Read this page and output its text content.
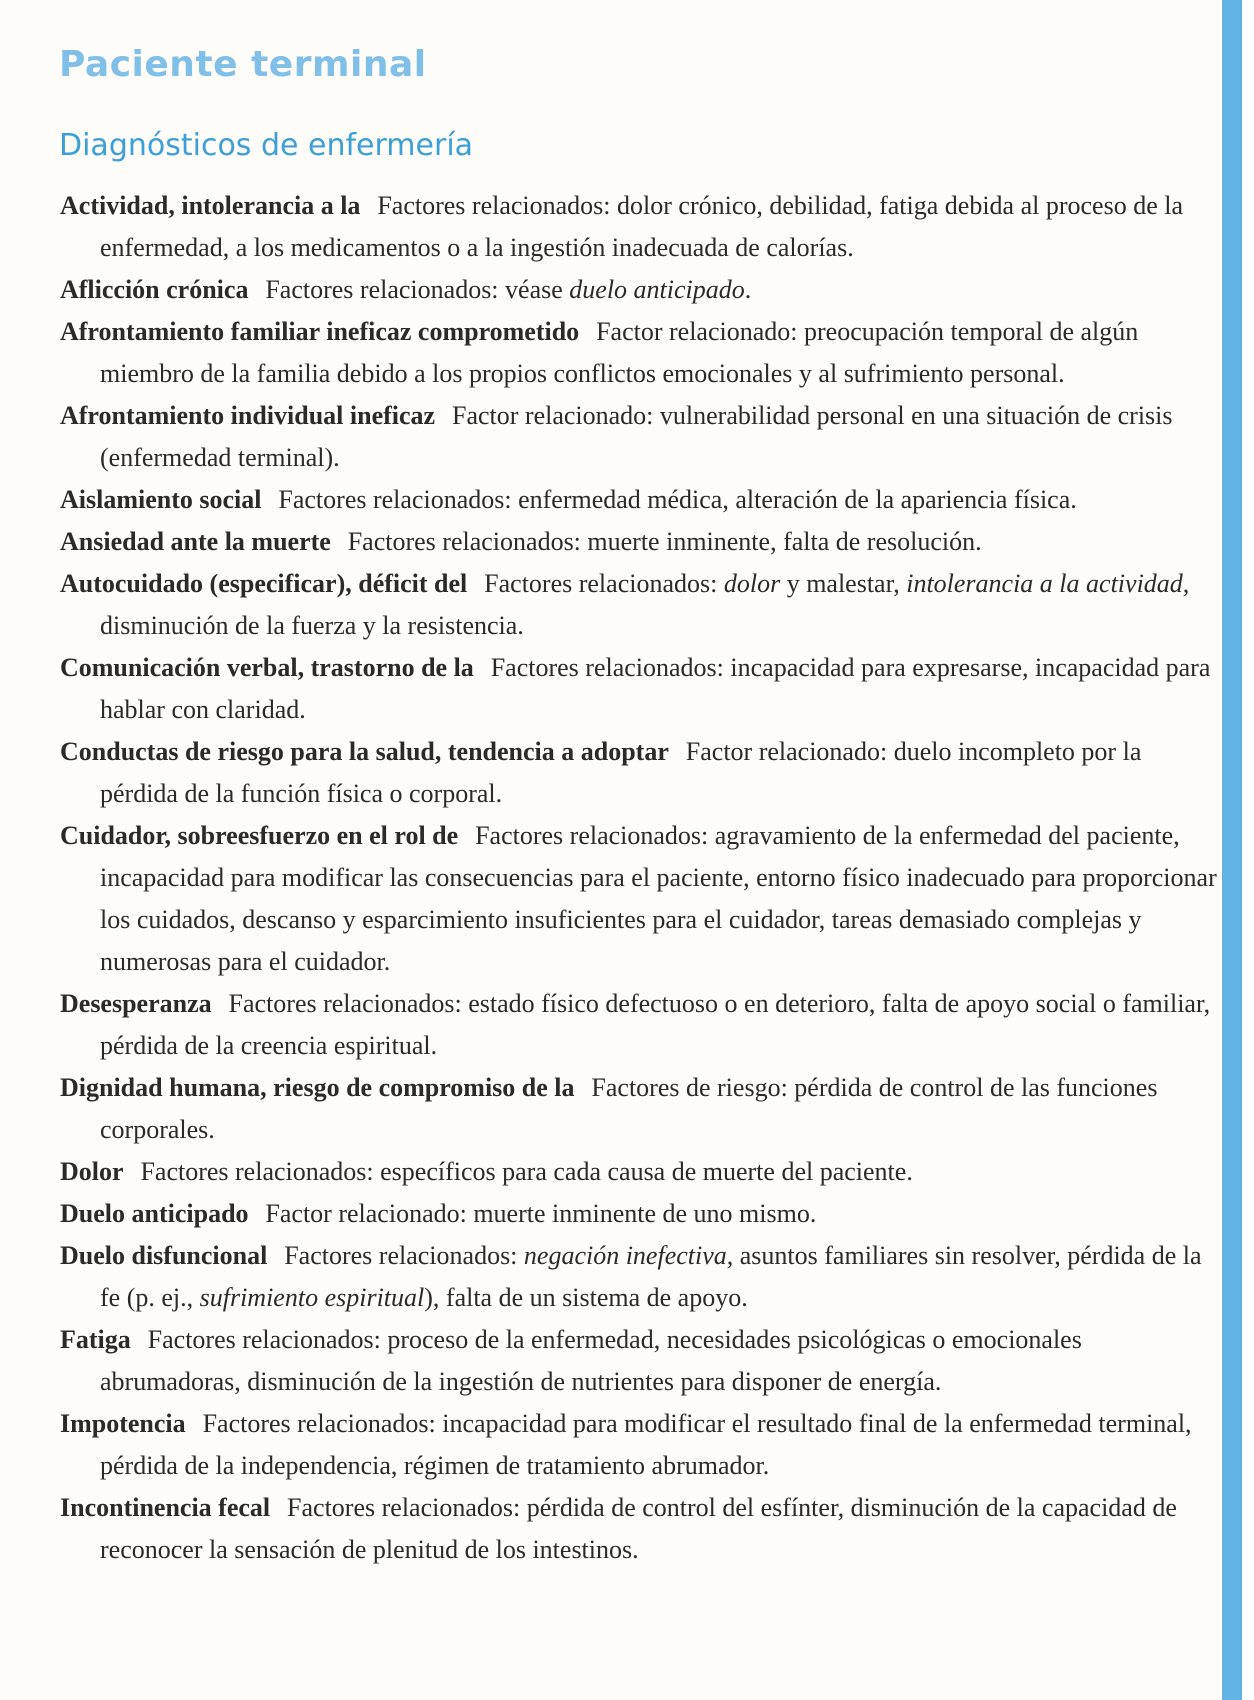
Paciente terminal
Diagnósticos de enfermería

Actividad, intolerancia a la Factores relacionados: dolor crónico, debilidad, fatiga debida al proceso de la enfermedad, a los medicamentos o a la ingestión inadecuada de calorías.

Aflicción crónica Factores relacionados: véase duelo anticipado.

Afrontamiento familiar ineficaz comprometido Factor relacionado: preocupación temporal de algún miembro de la familia debido a los propios conflictos emocionales y al sufrimiento personal.

Afrontamiento individual ineficaz Factor relacionado: vulnerabilidad personal en una situación de crisis (enfermedad terminal).

Aislamiento social Factores relacionados: enfermedad médica, alteración de la apariencia física.

Ansiedad ante la muerte Factores relacionados: muerte inminente, falta de resolución.

Autocuidado (especificar), déficit del Factores relacionados: dolor y malestar, intolerancia a la actividad, disminución de la fuerza y la resistencia.

Comunicación verbal, trastorno de la Factores relacionados: incapacidad para expresarse, incapacidad para hablar con claridad.

Conductas de riesgo para la salud, tendencia a adoptar Factor relacionado: duelo incompleto por la pérdida de la función física o corporal.

Cuidador, sobreesfuerzo en el rol de Factores relacionados: agravamiento de la enfermedad del paciente, incapacidad para modificar las consecuencias para el paciente, entorno físico inadecuado para proporcionar los cuidados, descanso y esparcimiento insuficientes para el cuidador, tareas demasiado complejas y numerosas para el cuidador.

Desesperanza Factores relacionados: estado físico defectuoso o en deterioro, falta de apoyo social o familiar, pérdida de la creencia espiritual.

Dignidad humana, riesgo de compromiso de la Factores de riesgo: pérdida de control de las funciones corporales.

Dolor Factores relacionados: específicos para cada causa de muerte del paciente.

Duelo anticipado Factor relacionado: muerte inminente de uno mismo.

Duelo disfuncional Factores relacionados: negación inefectiva, asuntos familiares sin resolver, pérdida de la fe (p. ej., sufrimiento espiritual), falta de un sistema de apoyo.

Fatiga Factores relacionados: proceso de la enfermedad, necesidades psicológicas o emocionales abrumadoras, disminución de la ingestión de nutrientes para disponer de energía.

Impotencia Factores relacionados: incapacidad para modificar el resultado final de la enfermedad terminal, pérdida de la independencia, régimen de tratamiento abrumador.

Incontinencia fecal Factores relacionados: pérdida de control del esfínter, disminución de la capacidad de reconocer la sensación de plenitud de los intestinos.
